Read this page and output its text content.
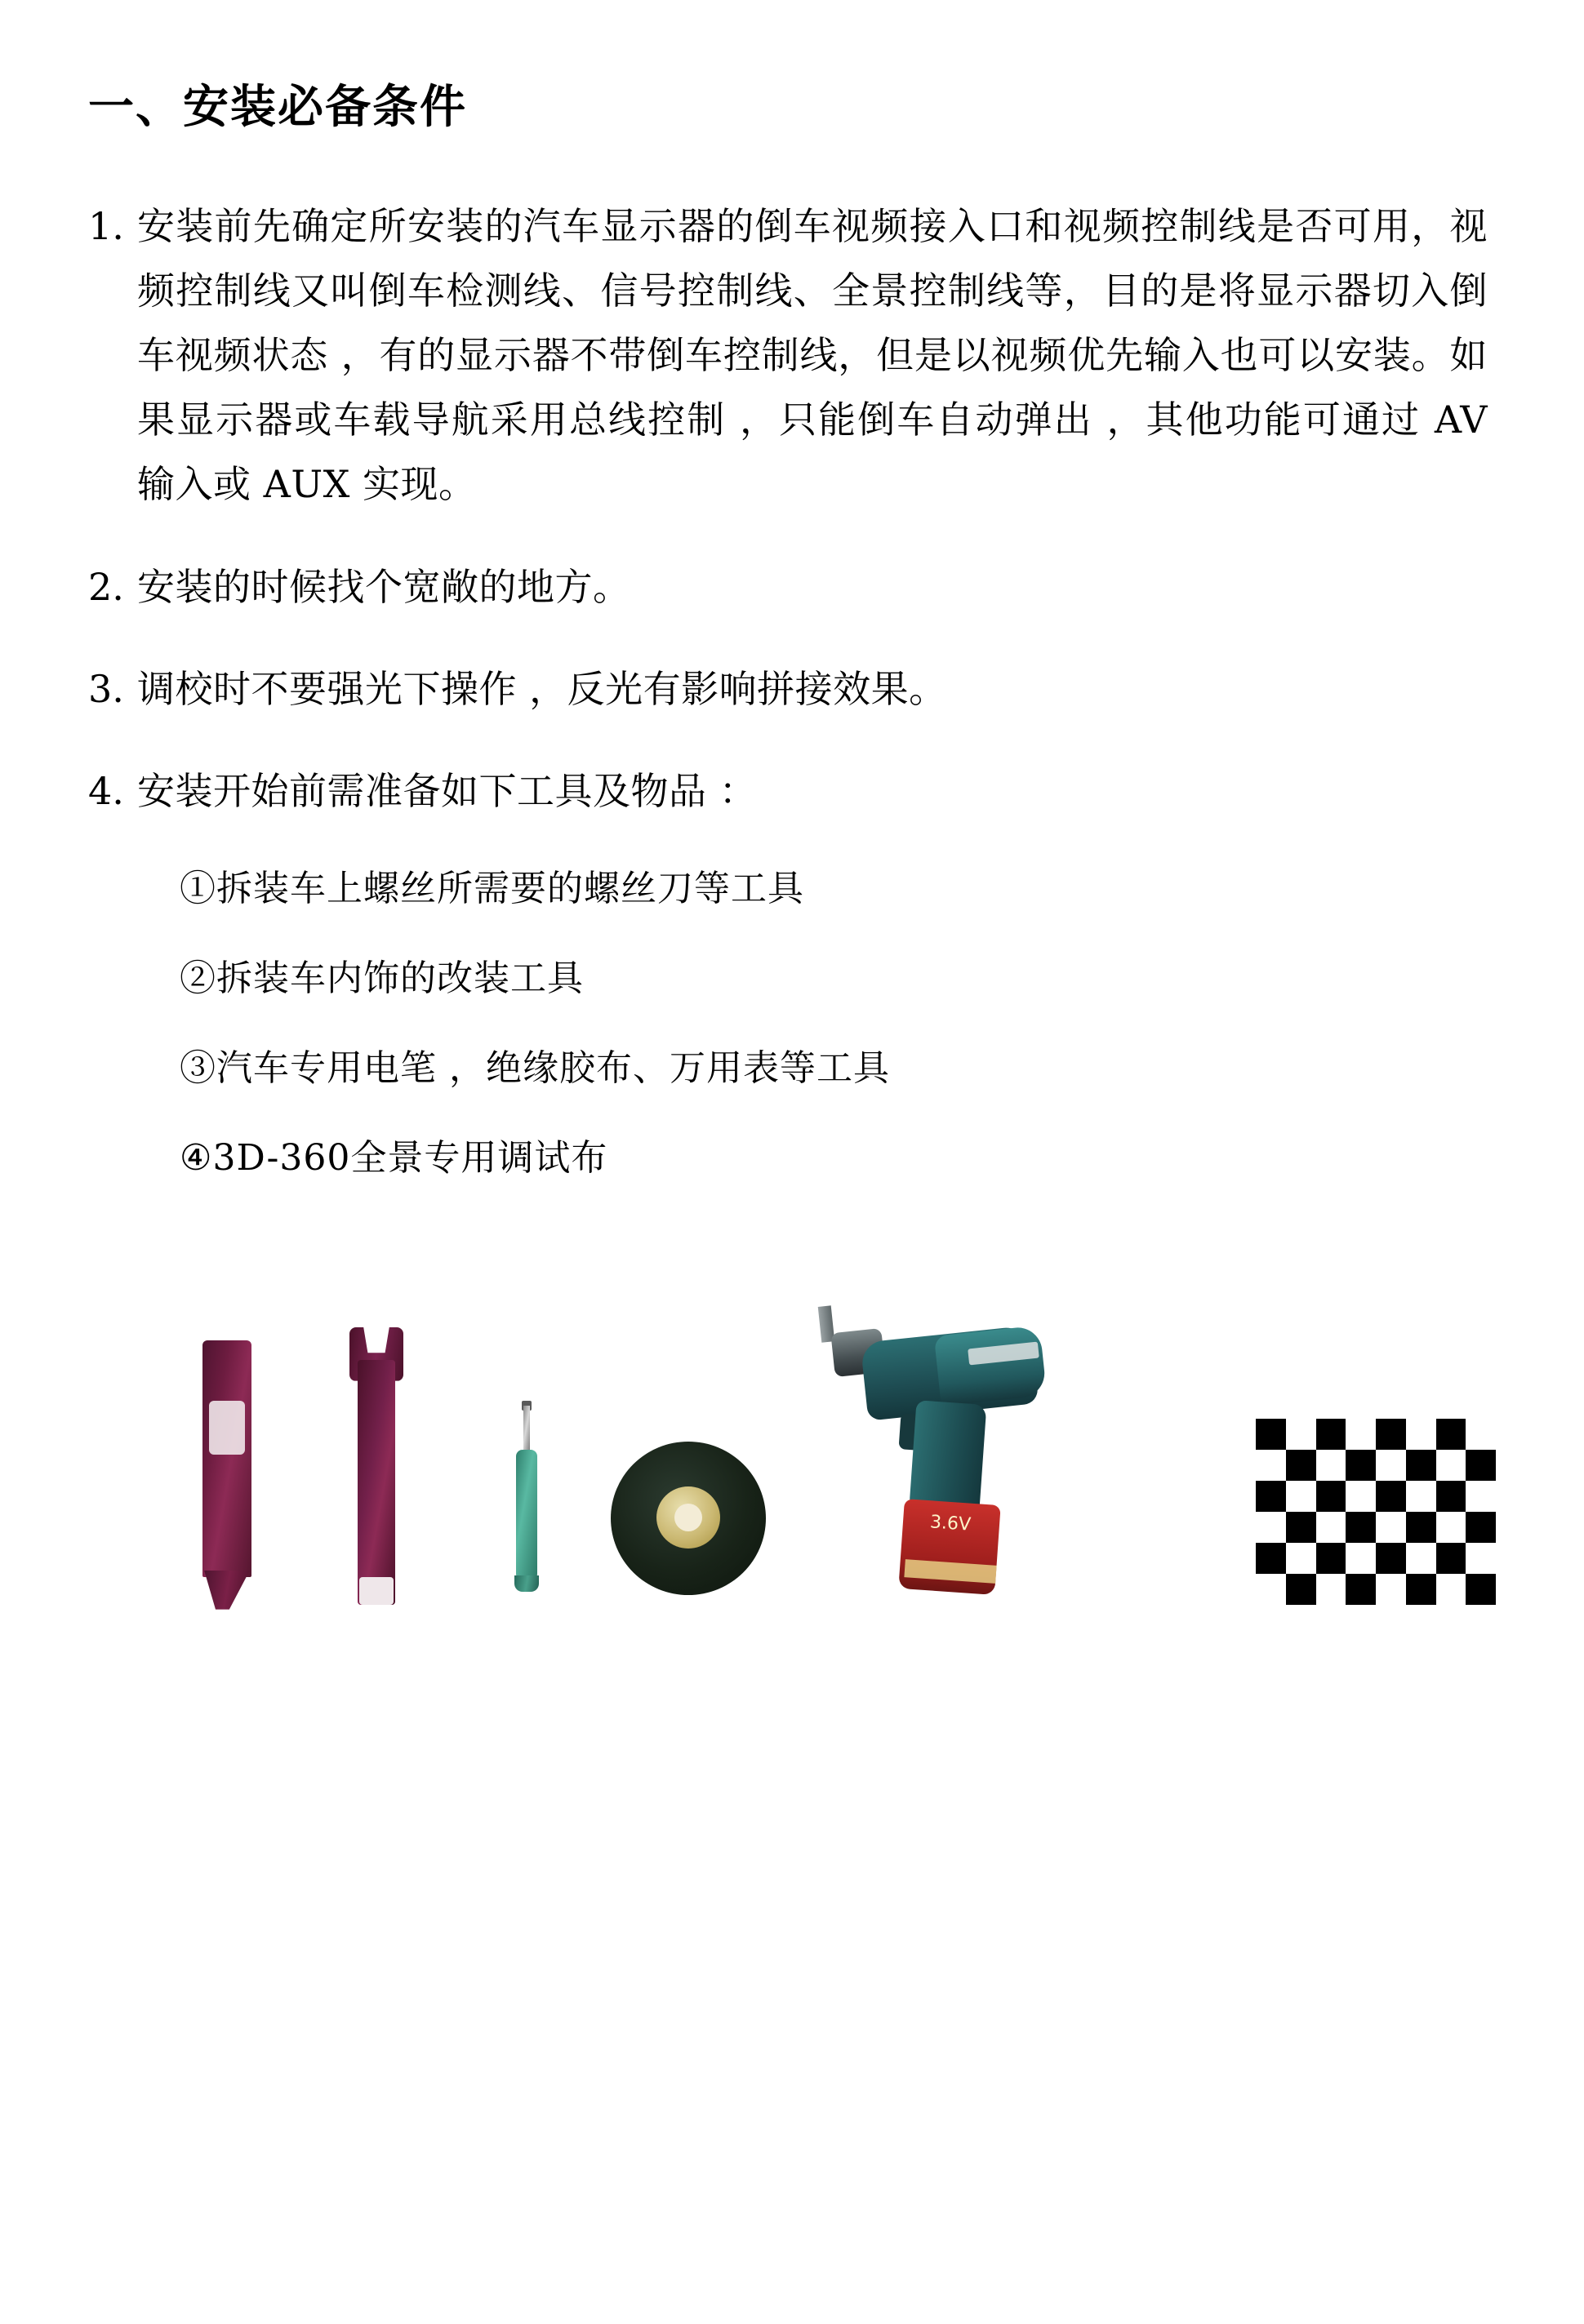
一、安装必备条件
1. 安装前先确定所安装的汽车显示器的倒车视频接入口和视频控制线是否可用，视频控制线又叫倒车检测线、信号控制线、全景控制线等，目的是将显示器切入倒车视频状态 ，有的显示器不带倒车控制线，但是以视频优先输入也可以安装。如果显示器或车载导航采用总线控制 ，只能倒车自动弹出 ，其他功能可通过 AV 输入或 AUX 实现。
2. 安装的时候找个宽敞的地方。
3. 调校时不要强光下操作 ，反光有影响拼接效果。
4. 安装开始前需准备如下工具及物品 ：
①拆装车上螺丝所需要的螺丝刀等工具
②拆装车内饰的改装工具
③汽车专用电笔 ，绝缘胶布、万用表等工具
④3D-360全景专用调试布
3.6V
